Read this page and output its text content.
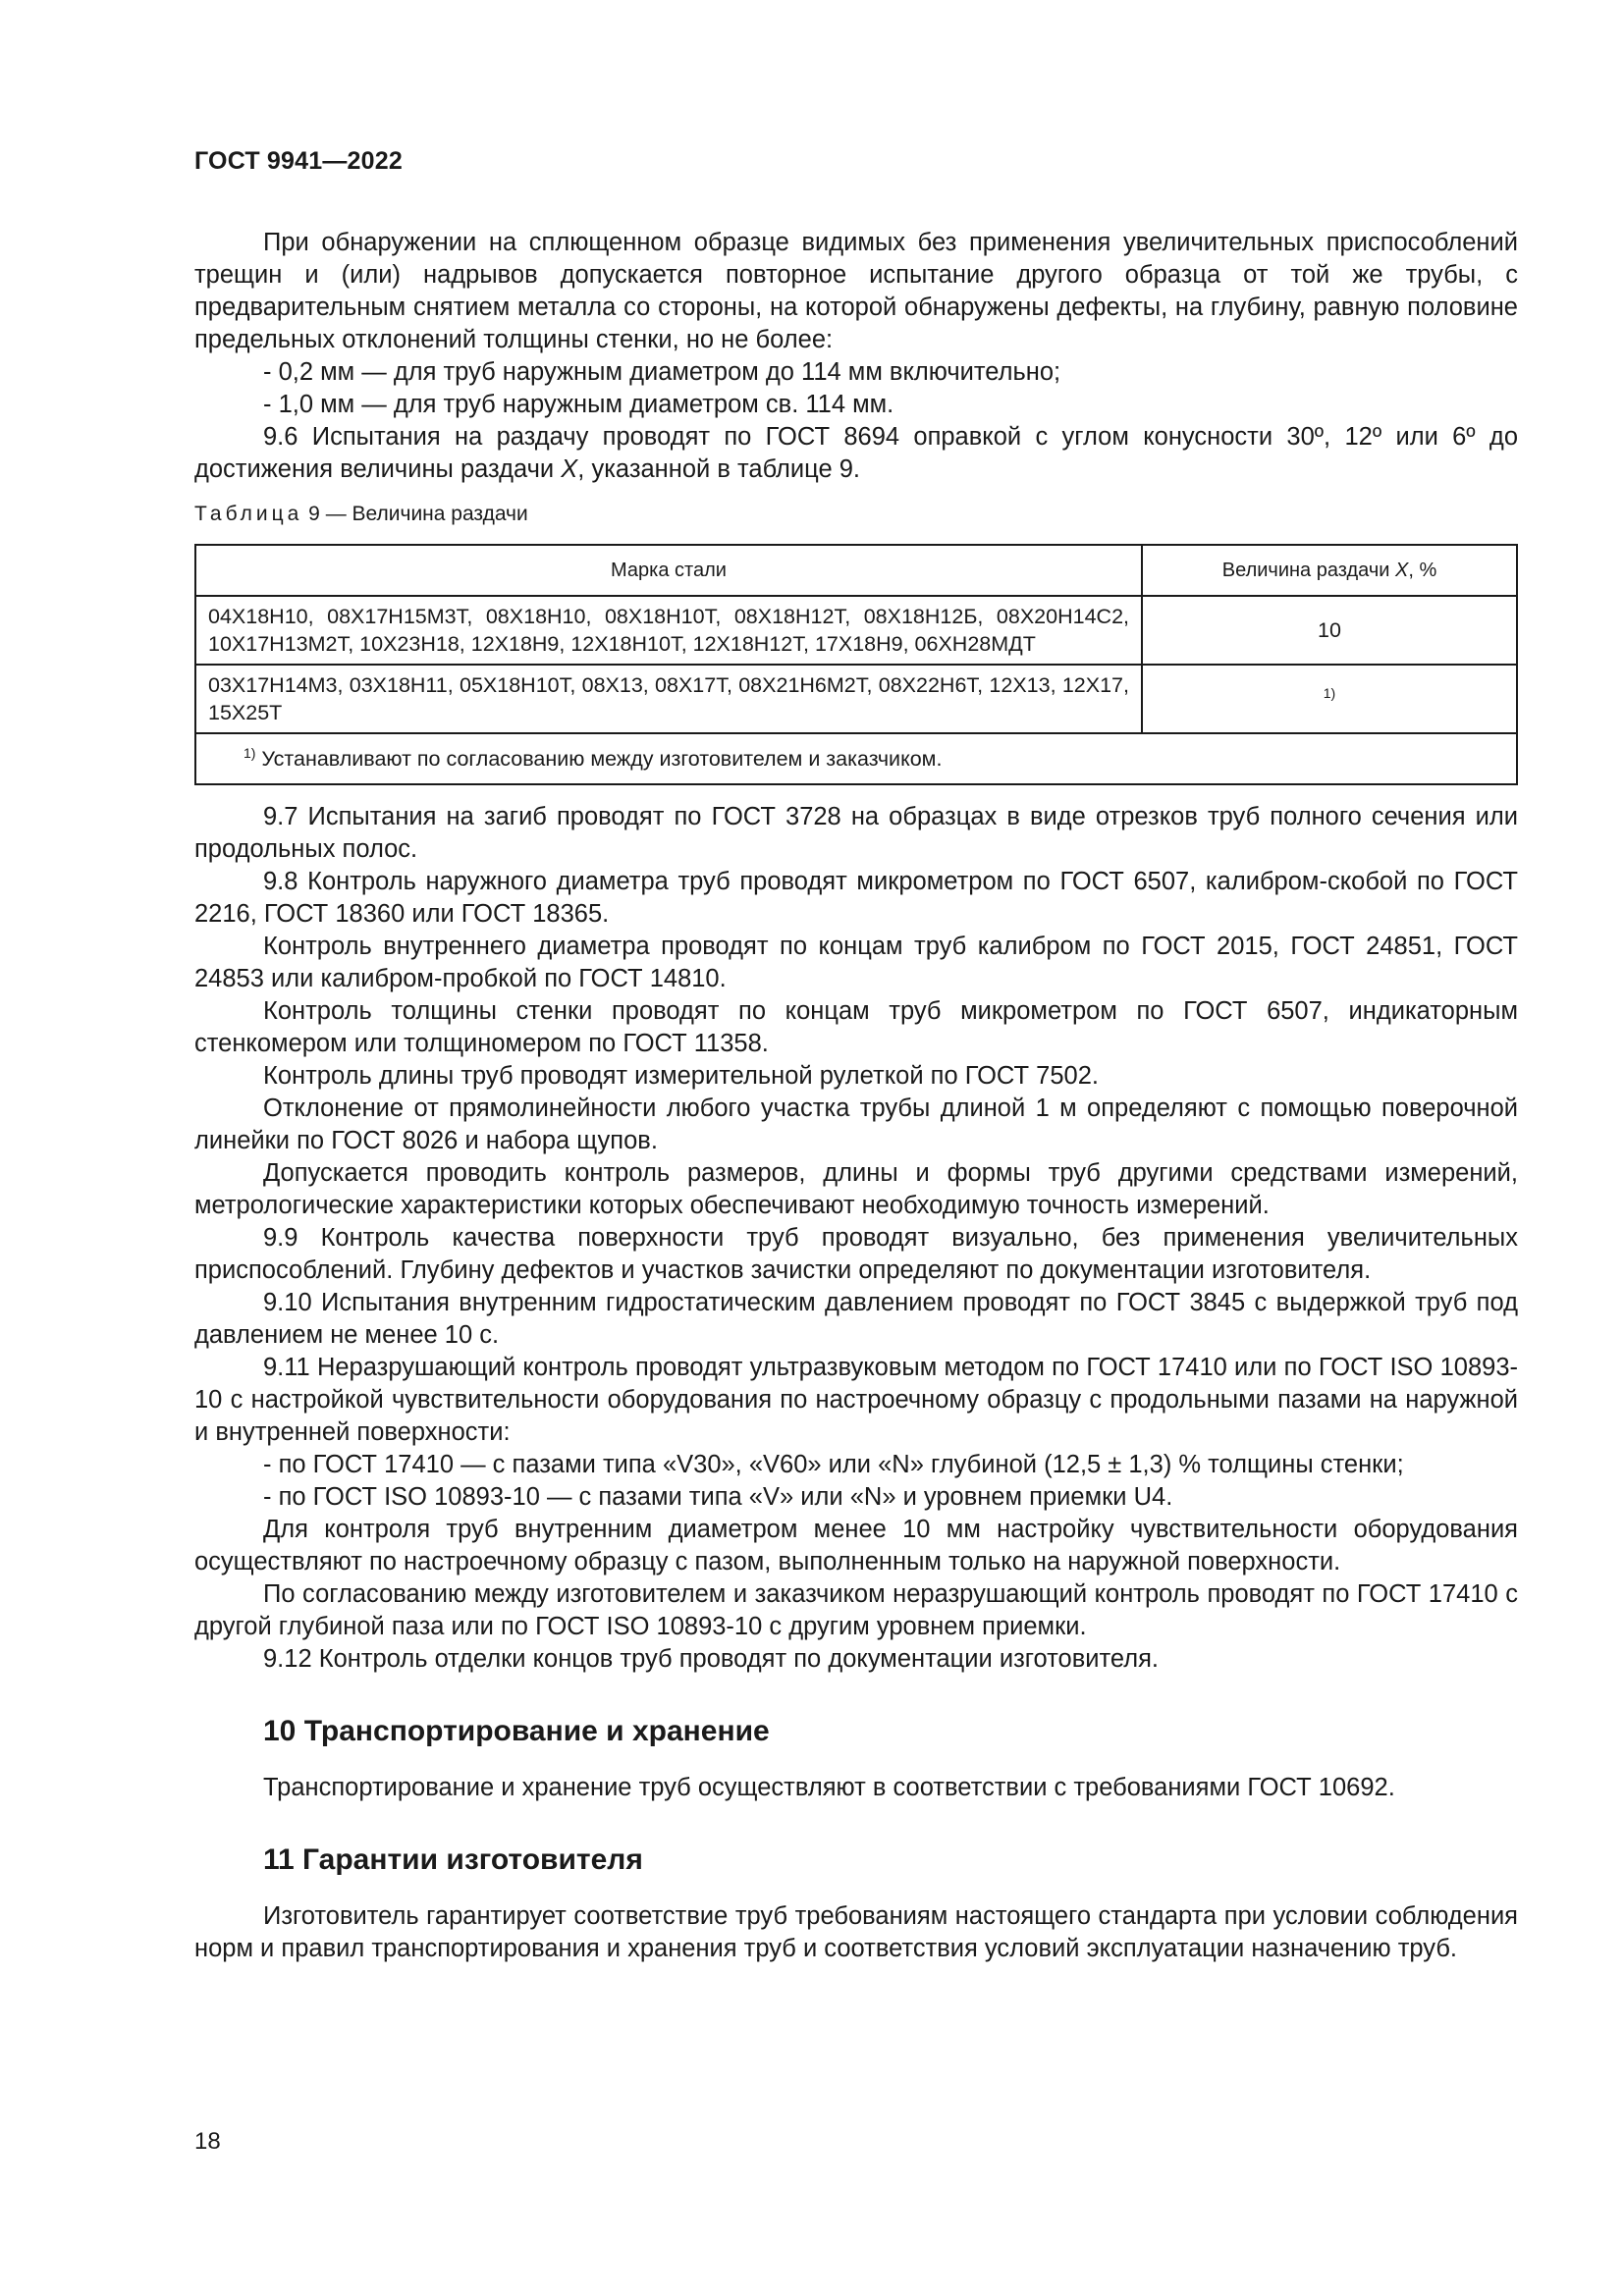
ГОСТ 9941—2022

При обнаружении на сплющенном образце видимых без применения увеличительных приспособлений трещин и (или) надрывов допускается повторное испытание другого образца от той же трубы, с предварительным снятием металла со стороны, на которой обнаружены дефекты, на глубину, равную половине предельных отклонений толщины стенки, но не более:

- 0,2 мм — для труб наружным диаметром до 114 мм включительно;

- 1,0 мм — для труб наружным диаметром св. 114 мм.

9.6 Испытания на раздачу проводят по ГОСТ 8694 оправкой с углом конусности 30º, 12º или 6º до достижения величины раздачи X, указанной в таблице 9.

Таблица 9 — Величина раздачи

Марка стали	Величина раздачи X, %
04Х18Н10, 08Х17Н15М3Т, 08Х18Н10, 08Х18Н10Т, 08Х18Н12Т, 08Х18Н12Б, 08Х20Н14С2, 10Х17Н13М2Т, 10Х23Н18, 12Х18Н9, 12Х18Н10Т, 12Х18Н12Т, 17Х18Н9, 06ХН28МДТ	10
03Х17Н14М3, 03Х18Н11, 05Х18Н10Т, 08Х13, 08Х17Т, 08Х21Н6М2Т, 08Х22Н6Т, 12Х13, 12Х17, 15Х25Т	$^{1)}$
$^{1)}$ Устанавливают по согласованию между изготовителем и заказчиком.	

9.7 Испытания на загиб проводят по ГОСТ 3728 на образцах в виде отрезков труб полного сечения или продольных полос.

9.8 Контроль наружного диаметра труб проводят микрометром по ГОСТ 6507, калибром-скобой по ГОСТ 2216, ГОСТ 18360 или ГОСТ 18365.

Контроль внутреннего диаметра проводят по концам труб калибром по ГОСТ 2015, ГОСТ 24851, ГОСТ 24853 или калибром-пробкой по ГОСТ 14810.

Контроль толщины стенки проводят по концам труб микрометром по ГОСТ 6507, индикаторным стенкомером или толщиномером по ГОСТ 11358.

Контроль длины труб проводят измерительной рулеткой по ГОСТ 7502.

Отклонение от прямолинейности любого участка трубы длиной 1 м определяют с помощью поверочной линейки по ГОСТ 8026 и набора щупов.

Допускается проводить контроль размеров, длины и формы труб другими средствами измерений, метрологические характеристики которых обеспечивают необходимую точность измерений.

9.9 Контроль качества поверхности труб проводят визуально, без применения увеличительных приспособлений. Глубину дефектов и участков зачистки определяют по документации изготовителя.

9.10 Испытания внутренним гидростатическим давлением проводят по ГОСТ 3845 с выдержкой труб под давлением не менее 10 с.

9.11 Неразрушающий контроль проводят ультразвуковым методом по ГОСТ 17410 или по ГОСТ ISO 10893-10 с настройкой чувствительности оборудования по настроечному образцу с продольными пазами на наружной и внутренней поверхности:

- по ГОСТ 17410 — с пазами типа «V30», «V60» или «N» глубиной (12,5 ± 1,3) % толщины стенки;

- по ГОСТ ISO 10893-10 — с пазами типа «V» или «N» и уровнем приемки U4.

Для контроля труб внутренним диаметром менее 10 мм настройку чувствительности оборудования осуществляют по настроечному образцу с пазом, выполненным только на наружной поверхности.

По согласованию между изготовителем и заказчиком неразрушающий контроль проводят по ГОСТ 17410 с другой глубиной паза или по ГОСТ ISO 10893-10 с другим уровнем приемки.

9.12 Контроль отделки концов труб проводят по документации изготовителя.

10 Транспортирование и хранение

Транспортирование и хранение труб осуществляют в соответствии с требованиями ГОСТ 10692.

11 Гарантии изготовителя

Изготовитель гарантирует соответствие труб требованиям настоящего стандарта при условии соблюдения норм и правил транспортирования и хранения труб и соответствия условий эксплуатации назначению труб.

18
